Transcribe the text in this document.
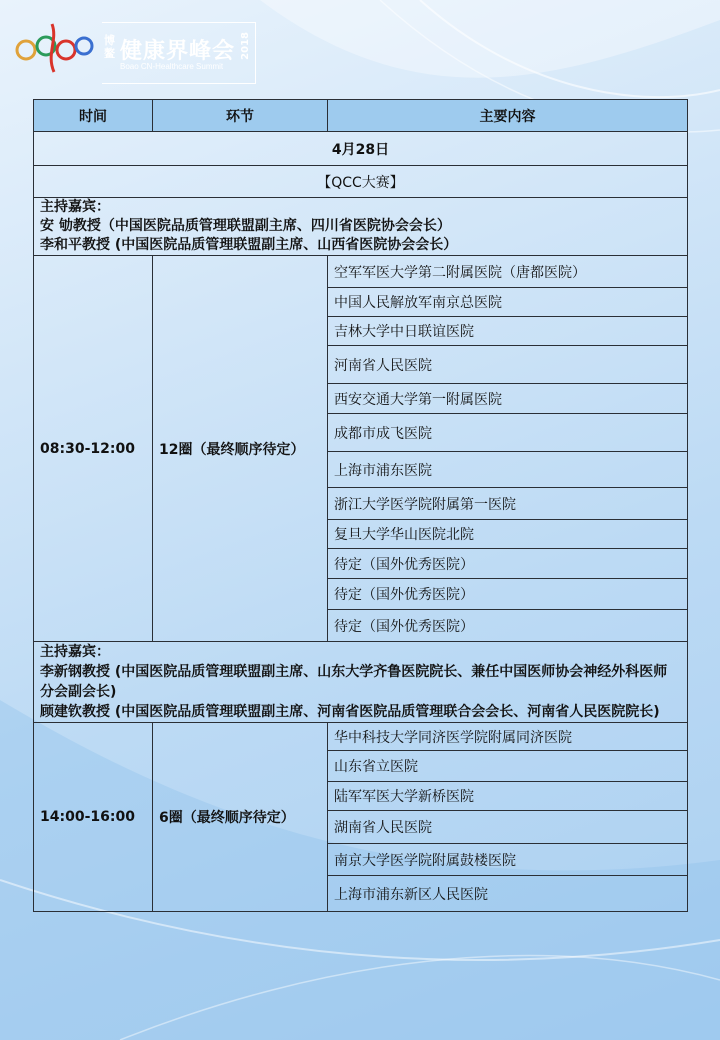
博鳌 健康界峰会
Boao CN-Healthcare Summit
2018
时间	环节	主要内容
4月28日		
【QCC大赛】		

主持嘉宾：
安 劬教授（中国医院品质管理联盟副主席、四川省医院协会会长）
李和平教授 (中国医院品质管理联盟副主席、山西省医院协会会长）		

08:30-12:00	12圈（最终顺序待定）	空军军医大学第二附属医院（唐都医院）
		中国人民解放军南京总医院
		吉林大学中日联谊医院
		河南省人民医院
		西安交通大学第一附属医院
		成都市成飞医院
		上海市浦东医院
		浙江大学医学院附属第一医院
		复旦大学华山医院北院
		待定（国外优秀医院）
		待定（国外优秀医院）
		待定（国外优秀医院）

主持嘉宾：
李新钢教授 (中国医院品质管理联盟副主席、山东大学齐鲁医院院长、兼任中国医师协会神经外科医师分会副会长)
顾建钦教授 (中国医院品质管理联盟副主席、河南省医院品质管理联合会会长、河南省人民医院院长)		

14:00-16:00	6圈（最终顺序待定）	华中科技大学同济医学院附属同济医院
		山东省立医院
		陆军军医大学新桥医院
		湖南省人民医院
		南京大学医学院附属鼓楼医院
		上海市浦东新区人民医院
